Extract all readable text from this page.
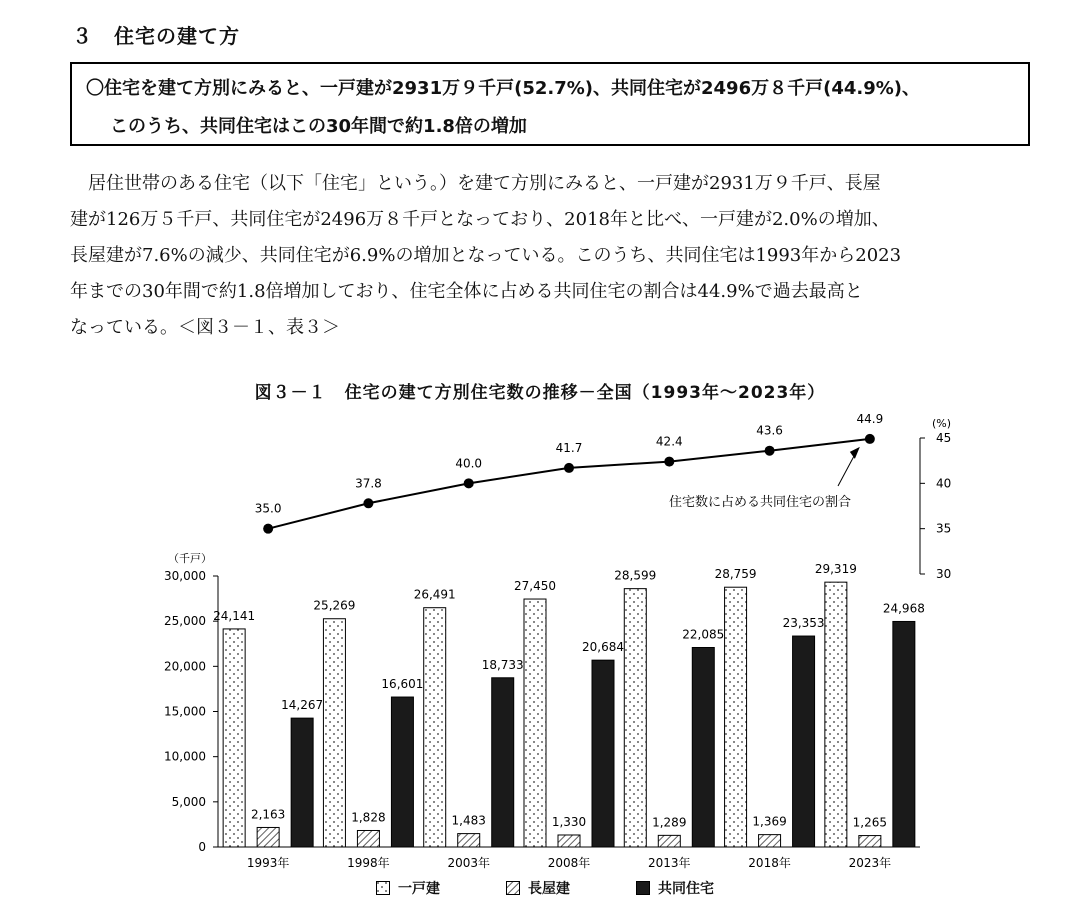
３　住宅の建て方
〇住宅を建て方別にみると、一戸建が2931万９千戸(52.7%)、共同住宅が2496万８千戸(44.9%)、
このうち、共同住宅はこの30年間で約1.8倍の増加

居住世帯のある住宅（以下「住宅」という。）を建て方別にみると、一戸建が2931万９千戸、長屋

建が126万５千戸、共同住宅が2496万８千戸となっており、2018年と比べ、一戸建が2.0%の増加、

長屋建が7.6%の減少、共同住宅が6.9%の増加となっている。このうち、共同住宅は1993年から2023

年までの30年間で約1.8倍増加しており、住宅全体に占める共同住宅の割合は44.9%で過去最高と

なっている。＜図３－１、表３＞

図３－１　住宅の建て方別住宅数の推移－全国（1993年～2023年）
0
5,000
10,000
15,000
20,000
25,000
30,000
（千戸）
1993年
24,141
2,163
14,267
1998年
25,269
1,828
16,601
2003年
26,491
1,483
18,733
2008年
27,450
1,330
20,684
2013年
28,599
1,289
22,085
2018年
28,759
1,369
23,353
2023年
29,319
1,265
24,968
30
35
40
45
(%)
35.0
37.8
40.0
41.7	42.4
43.6
44.9
住宅数に占める共同住宅の割合
一戸建	長屋建	共同住宅
